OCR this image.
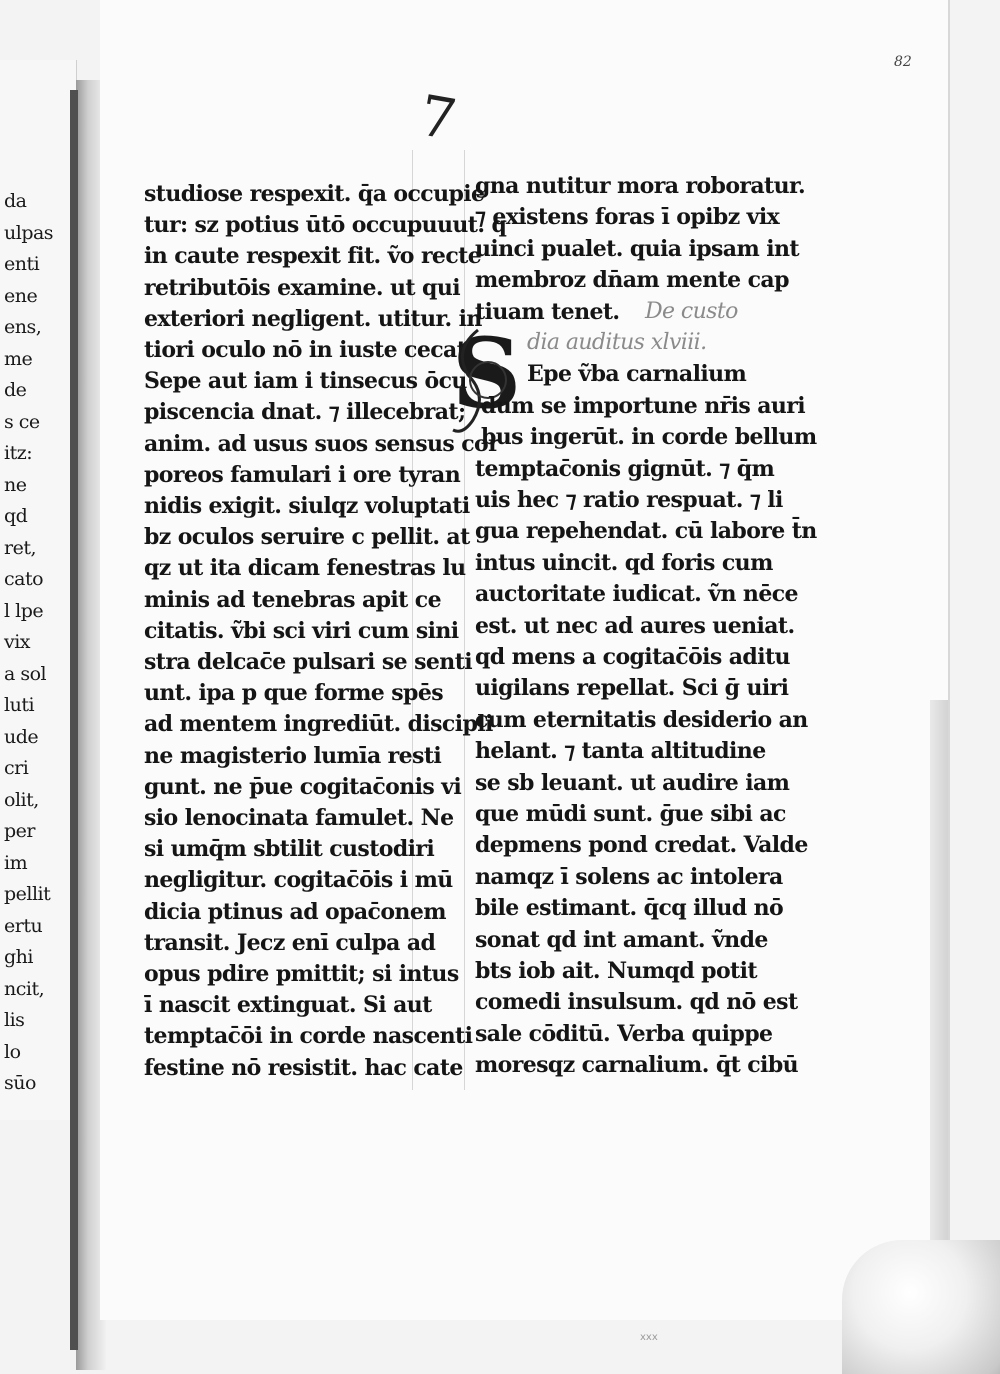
da
ulpas
enti
ene
ens,
me
de
s ce
itz:
ne
qd
ret,
cato
l lpe
vix
a sol
luti
ude
cri
olit,
per
im
pellit
ertu
ghi
ncit,
lis
lo
sūo
82
7
studiose respexit. q̄a occupie
tur: sz potius ūtō occupuuut. q
in caute respexit fit. ṽo recte
retributōis examine. ut qui
exteriori negligent. utitur. in
tiori oculo nō in iuste cecat;
Sepe aut iam i tinsecus ōcu
piscencia dnat. ⁊ illecebrat;
anim. ad usus suos sensus cor
poreos famulari i ore tyran
nidis exigit. siulqz voluptati
bz oculos seruire c pellit. at
qz ut ita dicam fenestras lu
minis ad tenebras apit ce
citatis. ṽbi sci viri cum sini
stra delcac̄e pulsari se senti
unt. ipa p que forme spēs
ad mentem ingrediūt. discipli
ne magisterio lumīa resti
gunt. ne p̄ue cogitac̄onis vi
sio lenocinata famulet. Ne
si umq̄m sbtilit custodiri
negligitur. cogitac̄ōis i mū
dicia ptinus ad opac̄onem
transit. Jecz enī culpa ad
opus pdire pmittit; si intus
ī nascit extinguat. Si aut
temptac̄ōi in corde nascenti
festine nō resistit. hac cate
S
gna nutitur mora roboratur.
⁊ existens foras ī opibz vix
uinci pualet. quia ipsam int
membroz dn̄am mente cap
tiuam tenet. De custo
dia auditus xlviii.
Epe ṽba carnalium
dum se importune nr̄is auri
bus ingerūt. in corde bellum
temptac̄onis gignūt. ⁊ q̄m
uis hec ⁊ ratio respuat. ⁊ li
gua repehendat. cū labore t̄n
intus uincit. qd foris cum
auctoritate iudicat. ṽn nēce
est. ut nec ad aures ueniat.
qd mens a cogitac̄ōis aditu
uigilans repellat. Sci ḡ uiri
cum eternitatis desiderio an
helant. ⁊ tanta altitudine
se sb leuant. ut audire iam
que mūdi sunt. ḡue sibi ac
depmens pond credat. Valde
namqz ī solens ac intolera
bile estimant. q̄cq illud nō
sonat qd int amant. ṽnde
bts iob ait. Numqd potit
comedi insulsum. qd nō est
sale cōditū. Verba quippe
moresqz carnalium. q̄t cibū
xxx
